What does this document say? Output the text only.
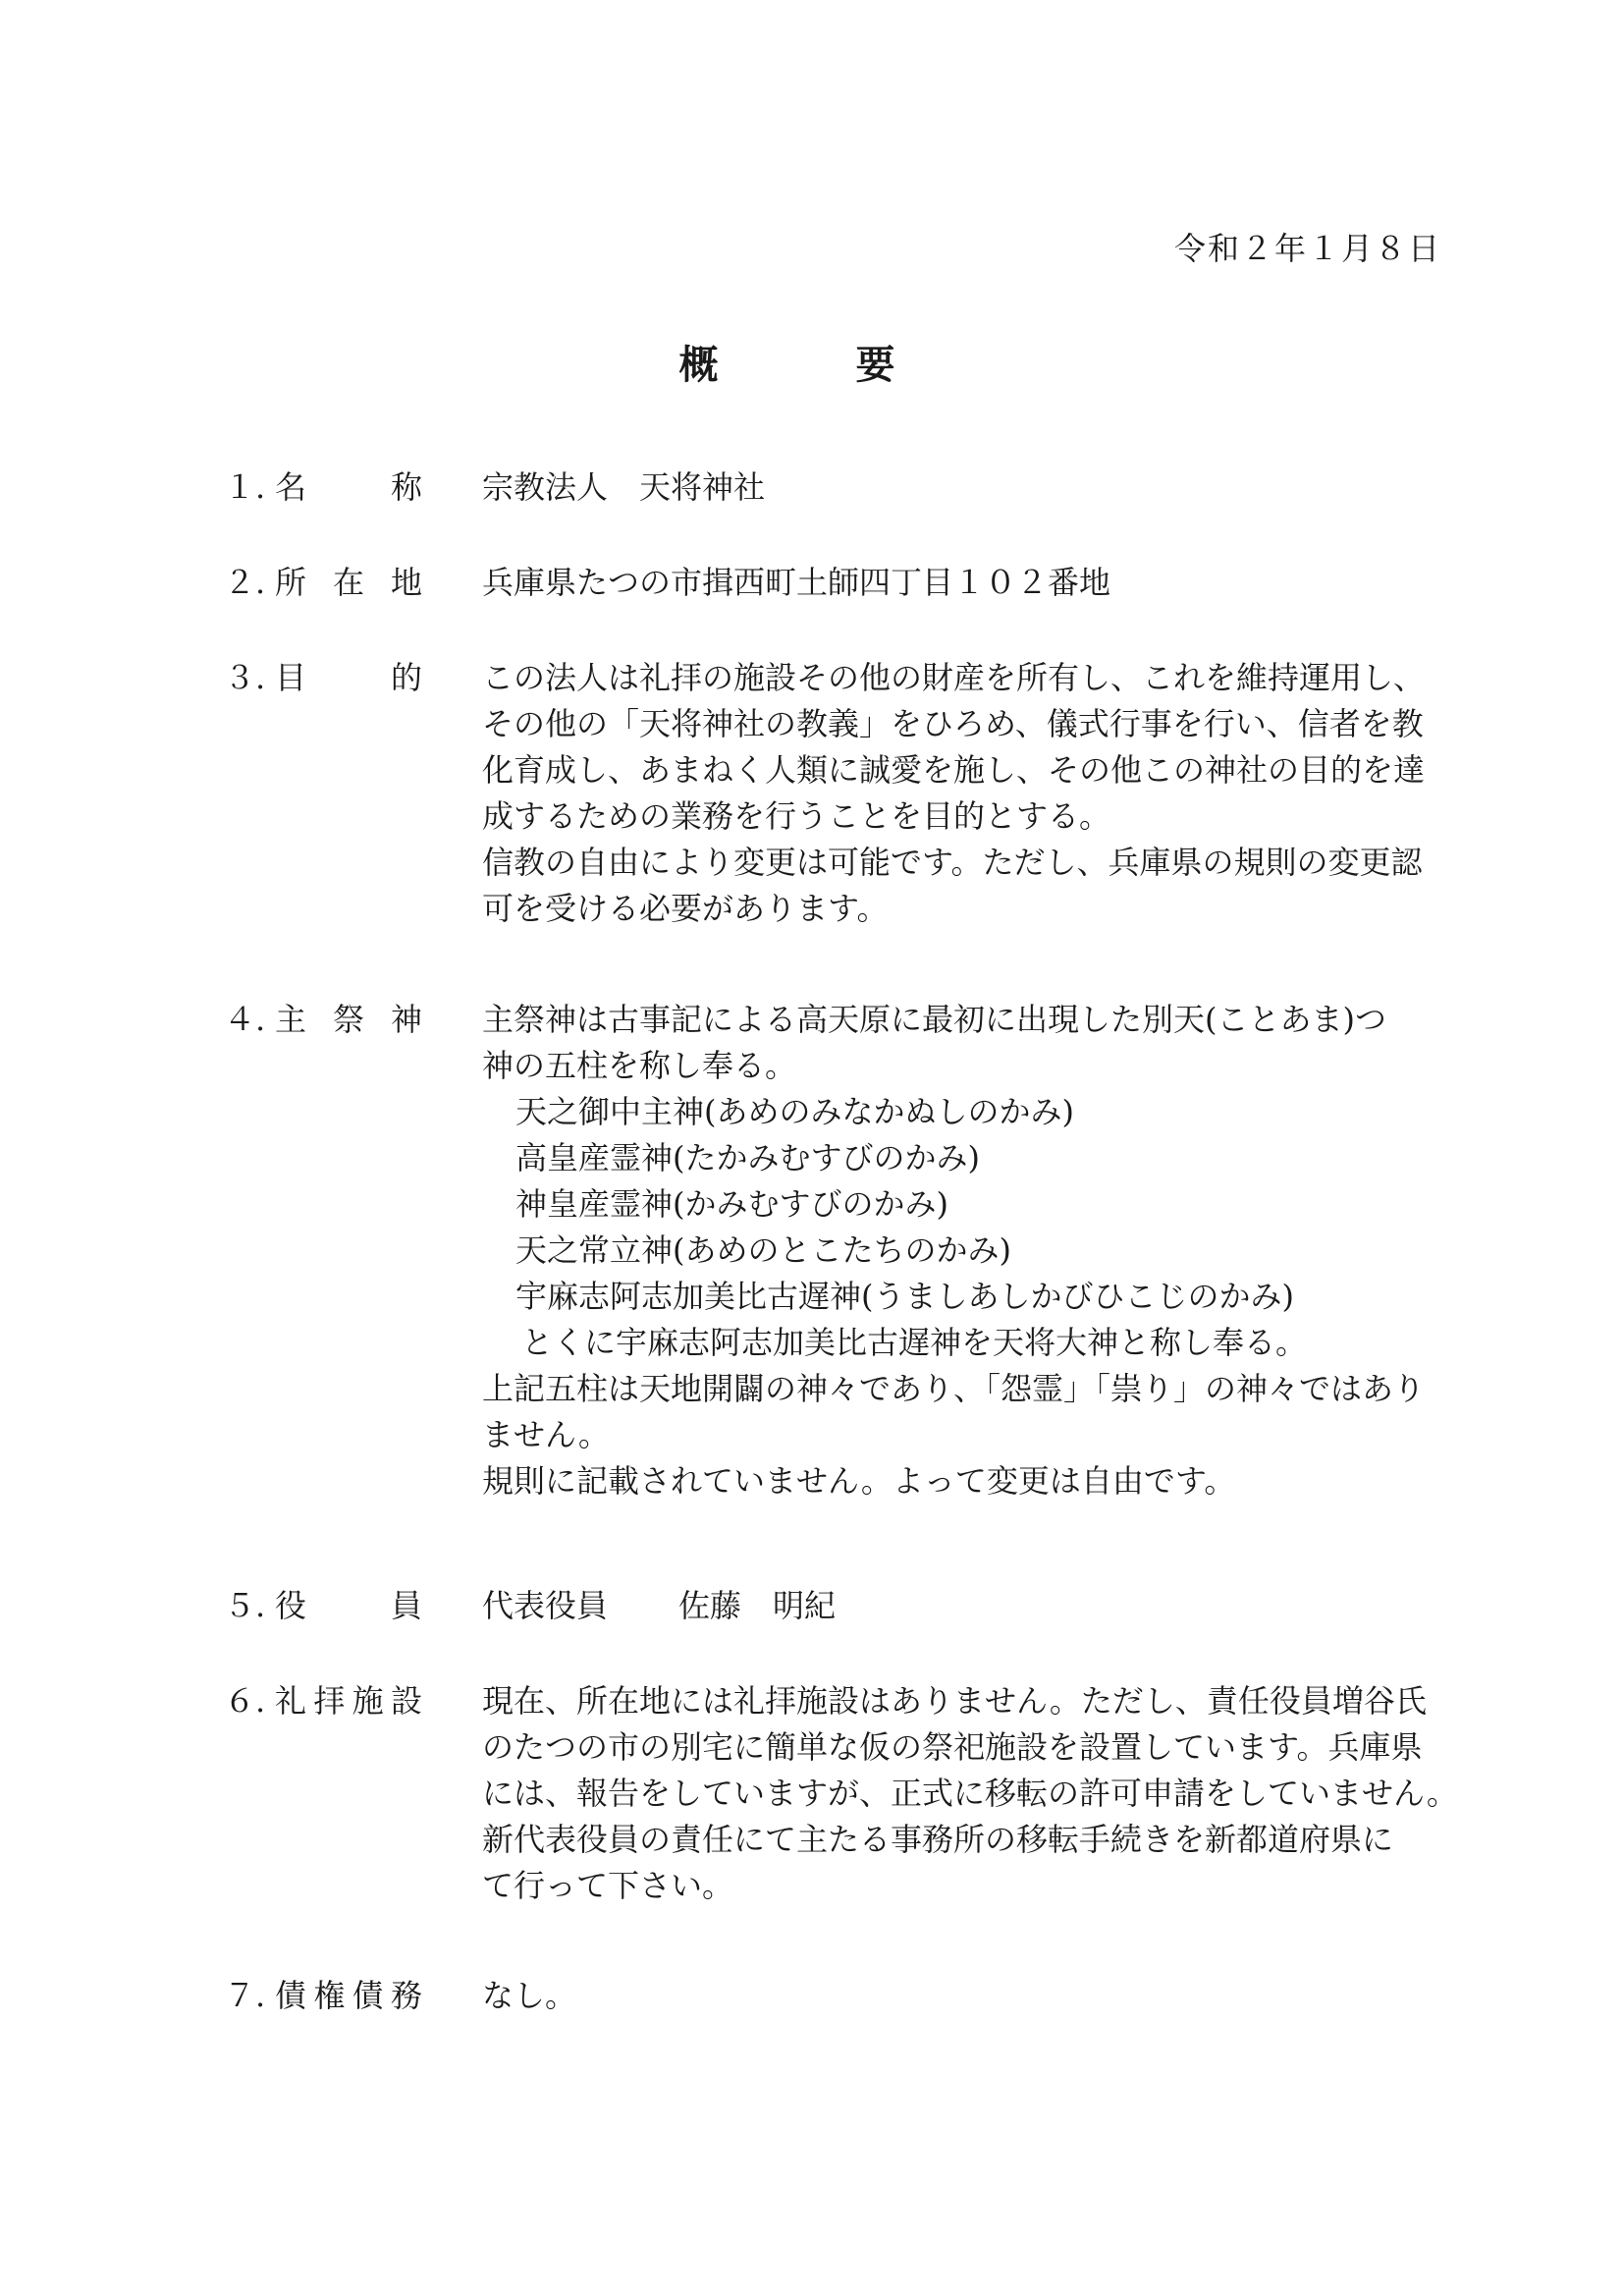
令和２年１月８日
概　要
１. 名称	宗教法人　天将神社
２. 所在地	兵庫県たつの市揖西町土師四丁目１０２番地
３. 目的	この法人は礼拝の施設その他の財産を所有し、これを維持運用し、
その他の「天将神社の教義」をひろめ、儀式行事を行い、信者を教
化育成し、あまねく人類に誠愛を施し、その他この神社の目的を達
成するための業務を行うことを目的とする。
信教の自由により変更は可能です。ただし、兵庫県の規則の変更認
可を受ける必要があります。
４. 主祭神	主祭神は古事記による高天原に最初に出現した別天(ことあま)つ
神の五柱を称し奉る。
天之御中主神(あめのみなかぬしのかみ)
高皇産霊神(たかみむすびのかみ)
神皇産霊神(かみむすびのかみ)
天之常立神(あめのとこたちのかみ)
宇麻志阿志加美比古遅神(うましあしかびひこじのかみ)
とくに宇麻志阿志加美比古遅神を天将大神と称し奉る。
上記五柱は天地開闢の神々であり、「怨霊」「祟り」の神々ではあり
ません。
規則に記載されていません。よって変更は自由です。
５. 役員	代表役員 佐藤　明紀
６. 礼拝施設	現在、所在地には礼拝施設はありません。ただし、責任役員増谷氏
のたつの市の別宅に簡単な仮の祭祀施設を設置しています。兵庫県
には、報告をしていますが、正式に移転の許可申請をしていません。
新代表役員の責任にて主たる事務所の移転手続きを新都道府県に
て行って下さい。
７. 債権債務	なし。
